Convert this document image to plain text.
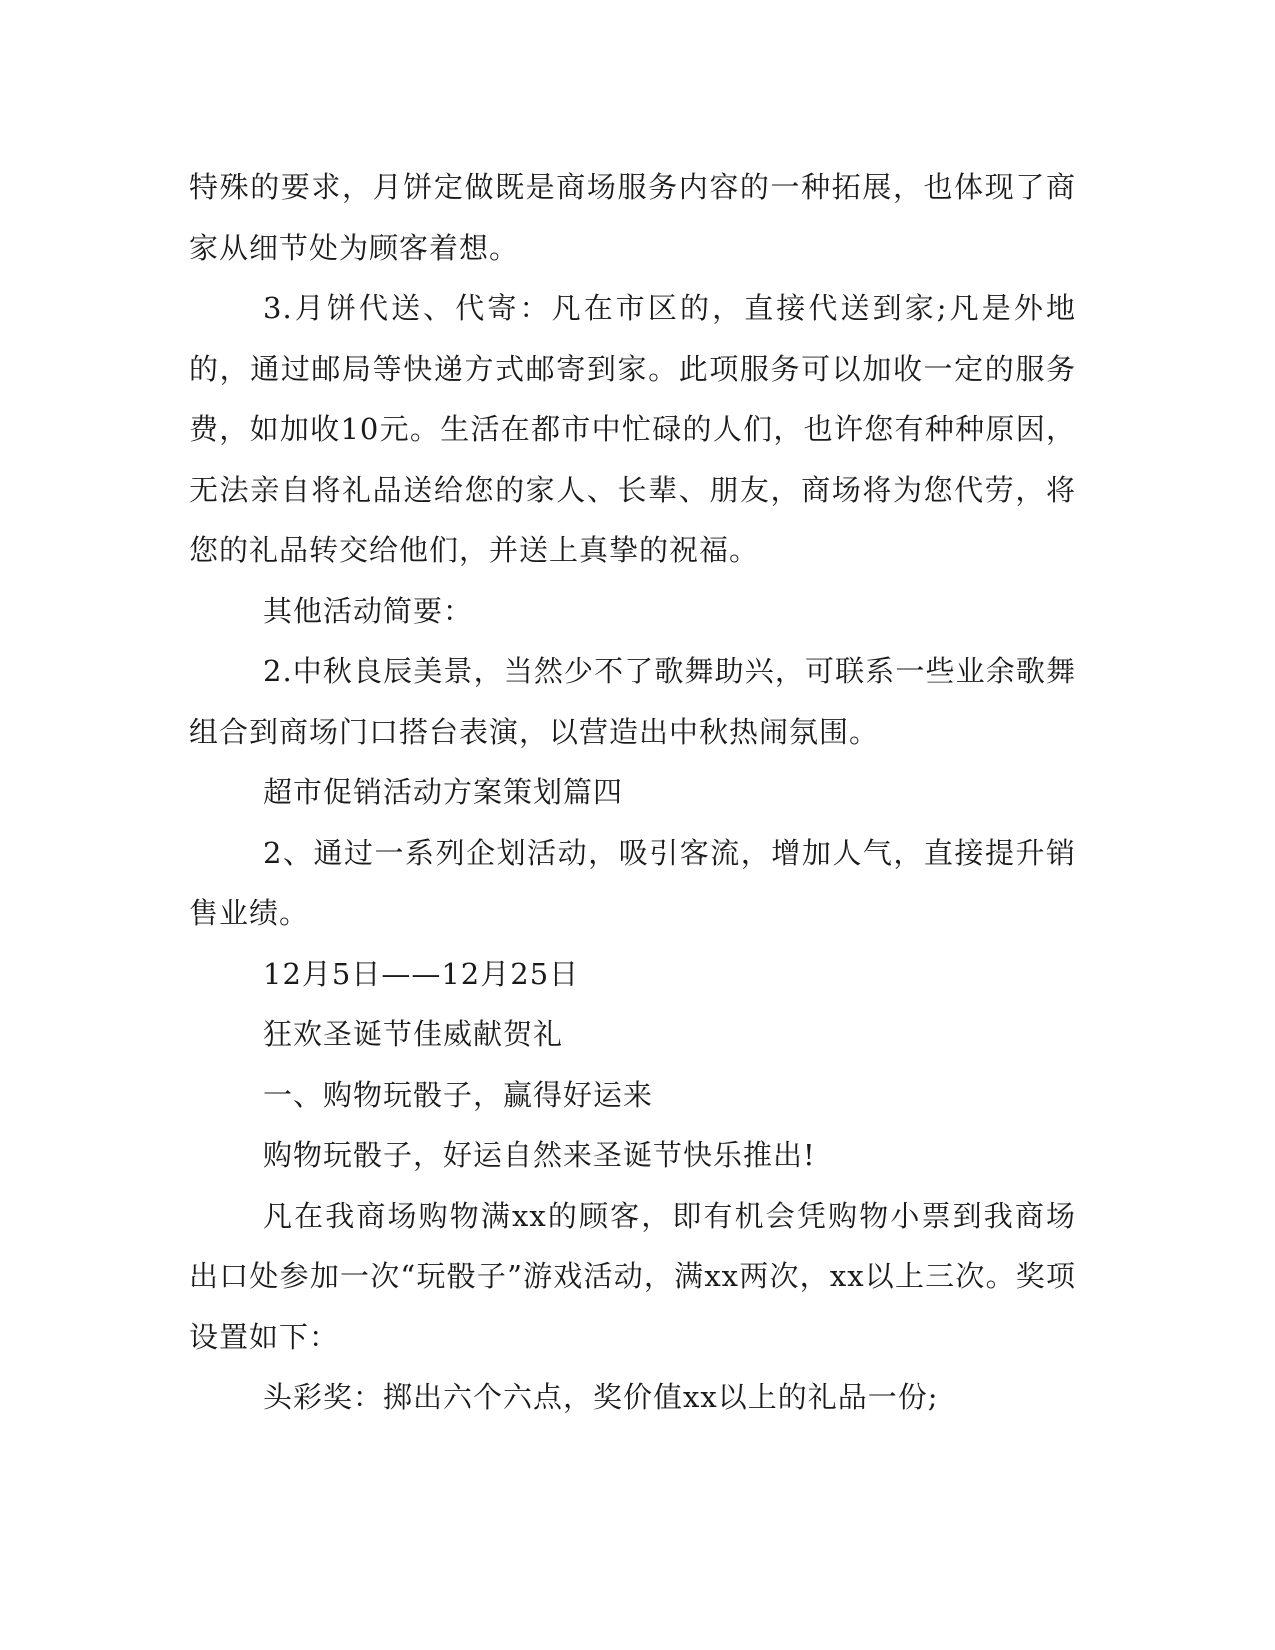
特殊的要求，月饼定做既是商场服务内容的一种拓展，也体现了商家从细节处为顾客着想。

3.月饼代送、代寄：凡在市区的，直接代送到家;凡是外地的，通过邮局等快递方式邮寄到家。此项服务可以加收一定的服务费，如加收10元。生活在都市中忙碌的人们，也许您有种种原因，无法亲自将礼品送给您的家人、长辈、朋友，商场将为您代劳，将您的礼品转交给他们，并送上真挚的祝福。

其他活动简要：

2.中秋良辰美景，当然少不了歌舞助兴，可联系一些业余歌舞组合到商场门口搭台表演，以营造出中秋热闹氛围。

超市促销活动方案策划篇四

2、通过一系列企划活动，吸引客流，增加人气，直接提升销售业绩。

12月5日——12月25日

狂欢圣诞节佳威献贺礼

一、购物玩骰子，赢得好运来

购物玩骰子，好运自然来圣诞节快乐推出!

凡在我商场购物满xx的顾客，即有机会凭购物小票到我商场出口处参加一次“玩骰子”游戏活动，满xx两次，xx以上三次。奖项设置如下：

头彩奖：掷出六个六点，奖价值xx以上的礼品一份;
